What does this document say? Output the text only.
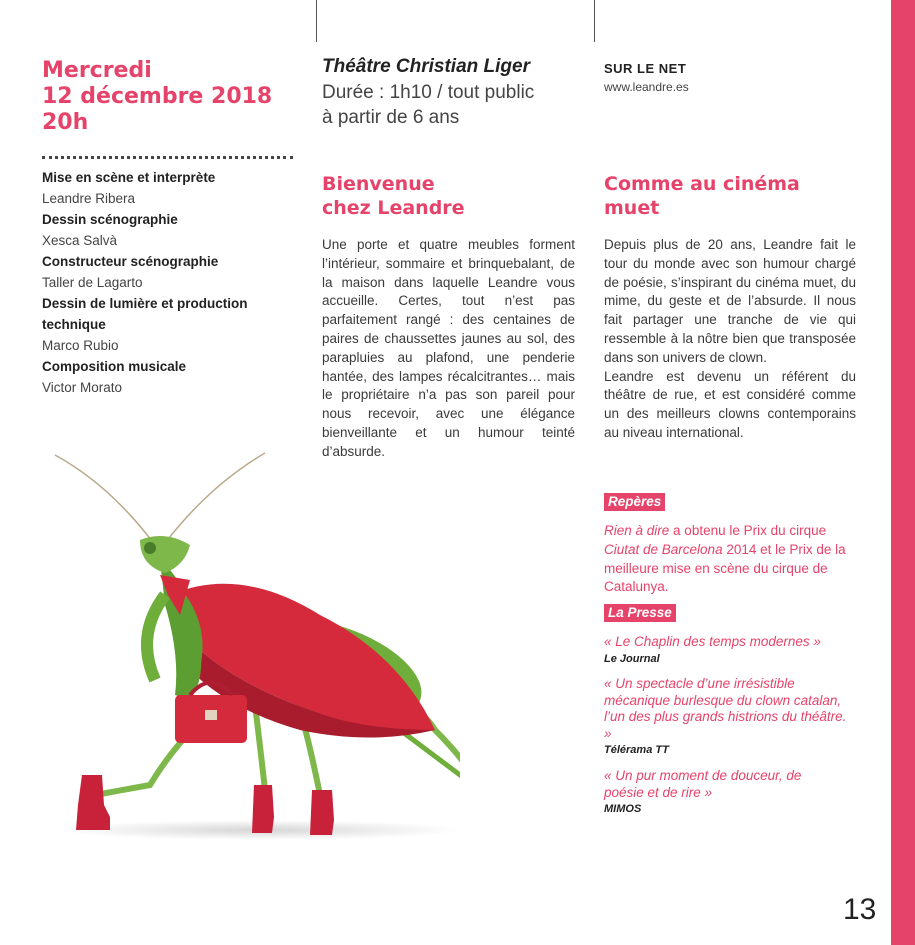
Mercredi
12 décembre 2018
20h
Mise en scène et interprète
Leandre Ribera
Dessin scénographie
Xesca Salvà
Constructeur scénographie
Taller de Lagarto
Dessin de lumière et production technique
Marco Rubio
Composition musicale
Victor Morato
Théâtre Christian Liger
Durée : 1h10 / tout public
à partir de 6 ans
SUR LE NET
www.leandre.es
Bienvenue
chez Leandre
Une porte et quatre meubles forment l’intérieur, sommaire et brinquebalant, de la maison dans laquelle Leandre vous accueille. Certes, tout n’est pas parfaitement rangé : des centaines de paires de chaussettes jaunes au sol, des parapluies au plafond, une penderie hantée, des lampes récalcitrantes… mais le propriétaire n’a pas son pareil pour nous recevoir, avec une élégance bienveillante et un humour teinté d’absurde.
Comme au cinéma
muet
Depuis plus de 20 ans, Leandre fait le tour du monde avec son humour chargé de poésie, s’inspirant du cinéma muet, du mime, du geste et de l’absurde. Il nous fait partager une tranche de vie qui ressemble à la nôtre bien que transposée dans son univers de clown.
Leandre est devenu un référent du théâtre de rue, et est considéré comme un des meilleurs clowns contemporains au niveau international.
Repères
Rien à dire a obtenu le Prix du cirque Ciutat de Barcelona 2014 et le Prix de la meilleure mise en scène du cirque de Catalunya.
La Presse
« Le Chaplin des temps modernes »
Le Journal
« Un spectacle d’une irrésistible mécanique burlesque du clown catalan, l’un des plus grands histrions du théâtre. »
Télérama TT
« Un pur moment de douceur, de poésie et de rire »
MIMOS
13
